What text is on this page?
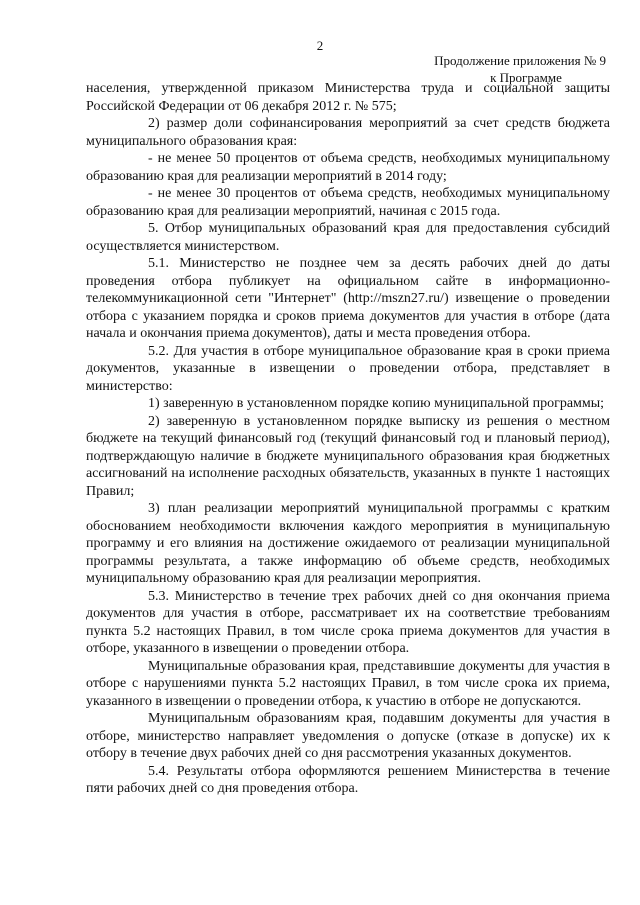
2
Продолжение приложения № 9
к Программе

населения, утвержденной приказом Министерства труда и социальной защиты Российской Федерации от 06 декабря 2012 г. № 575;

2) размер доли софинансирования мероприятий за счет средств бюджета муниципального образования края:

- не менее 50 процентов от объема средств, необходимых муниципальному образованию края для реализации мероприятий в 2014 году;

- не менее 30 процентов от объема средств, необходимых муниципальному образованию края для реализации мероприятий, начиная с 2015 года.

5. Отбор муниципальных образований края для предоставления субсидий осуществляется министерством.

5.1. Министерство не позднее чем за десять рабочих дней до даты проведения отбора публикует на официальном сайте в информационно-телекоммуникационной сети "Интернет" (http://mszn27.ru/) извещение о проведении отбора с указанием порядка и сроков приема документов для участия в отборе (дата начала и окончания приема документов), даты и места проведения отбора.

5.2. Для участия в отборе муниципальное образование края в сроки приема документов, указанные в извещении о проведении отбора, представляет в министерство:

1) заверенную в установленном порядке копию муниципальной программы;

2) заверенную в установленном порядке выписку из решения о местном бюджете на текущий финансовый год (текущий финансовый год и плановый период), подтверждающую наличие в бюджете муниципального образования края бюджетных ассигнований на исполнение расходных обязательств, указанных в пункте 1 настоящих Правил;

3) план реализации мероприятий муниципальной программы с кратким обоснованием необходимости включения каждого мероприятия в муниципальную программу и его влияния на достижение ожидаемого от реализации муниципальной программы результата, а также информацию об объеме средств, необходимых муниципальному образованию края для реализации мероприятия.

5.3. Министерство в течение трех рабочих дней со дня окончания приема документов для участия в отборе, рассматривает их на соответствие требованиям пункта 5.2 настоящих Правил, в том числе срока приема документов для участия в отборе, указанного в извещении о проведении отбора.

Муниципальные образования края, представившие документы для участия в отборе с нарушениями пункта 5.2 настоящих Правил, в том числе срока их приема, указанного в извещении о проведении отбора, к участию в отборе не допускаются.

Муниципальным образованиям края, подавшим документы для участия в отборе, министерство направляет уведомления о допуске (отказе в допуске) их к отбору в течение двух рабочих дней со дня рассмотрения указанных документов.

5.4. Результаты отбора оформляются решением Министерства в течение пяти рабочих дней со дня проведения отбора.
